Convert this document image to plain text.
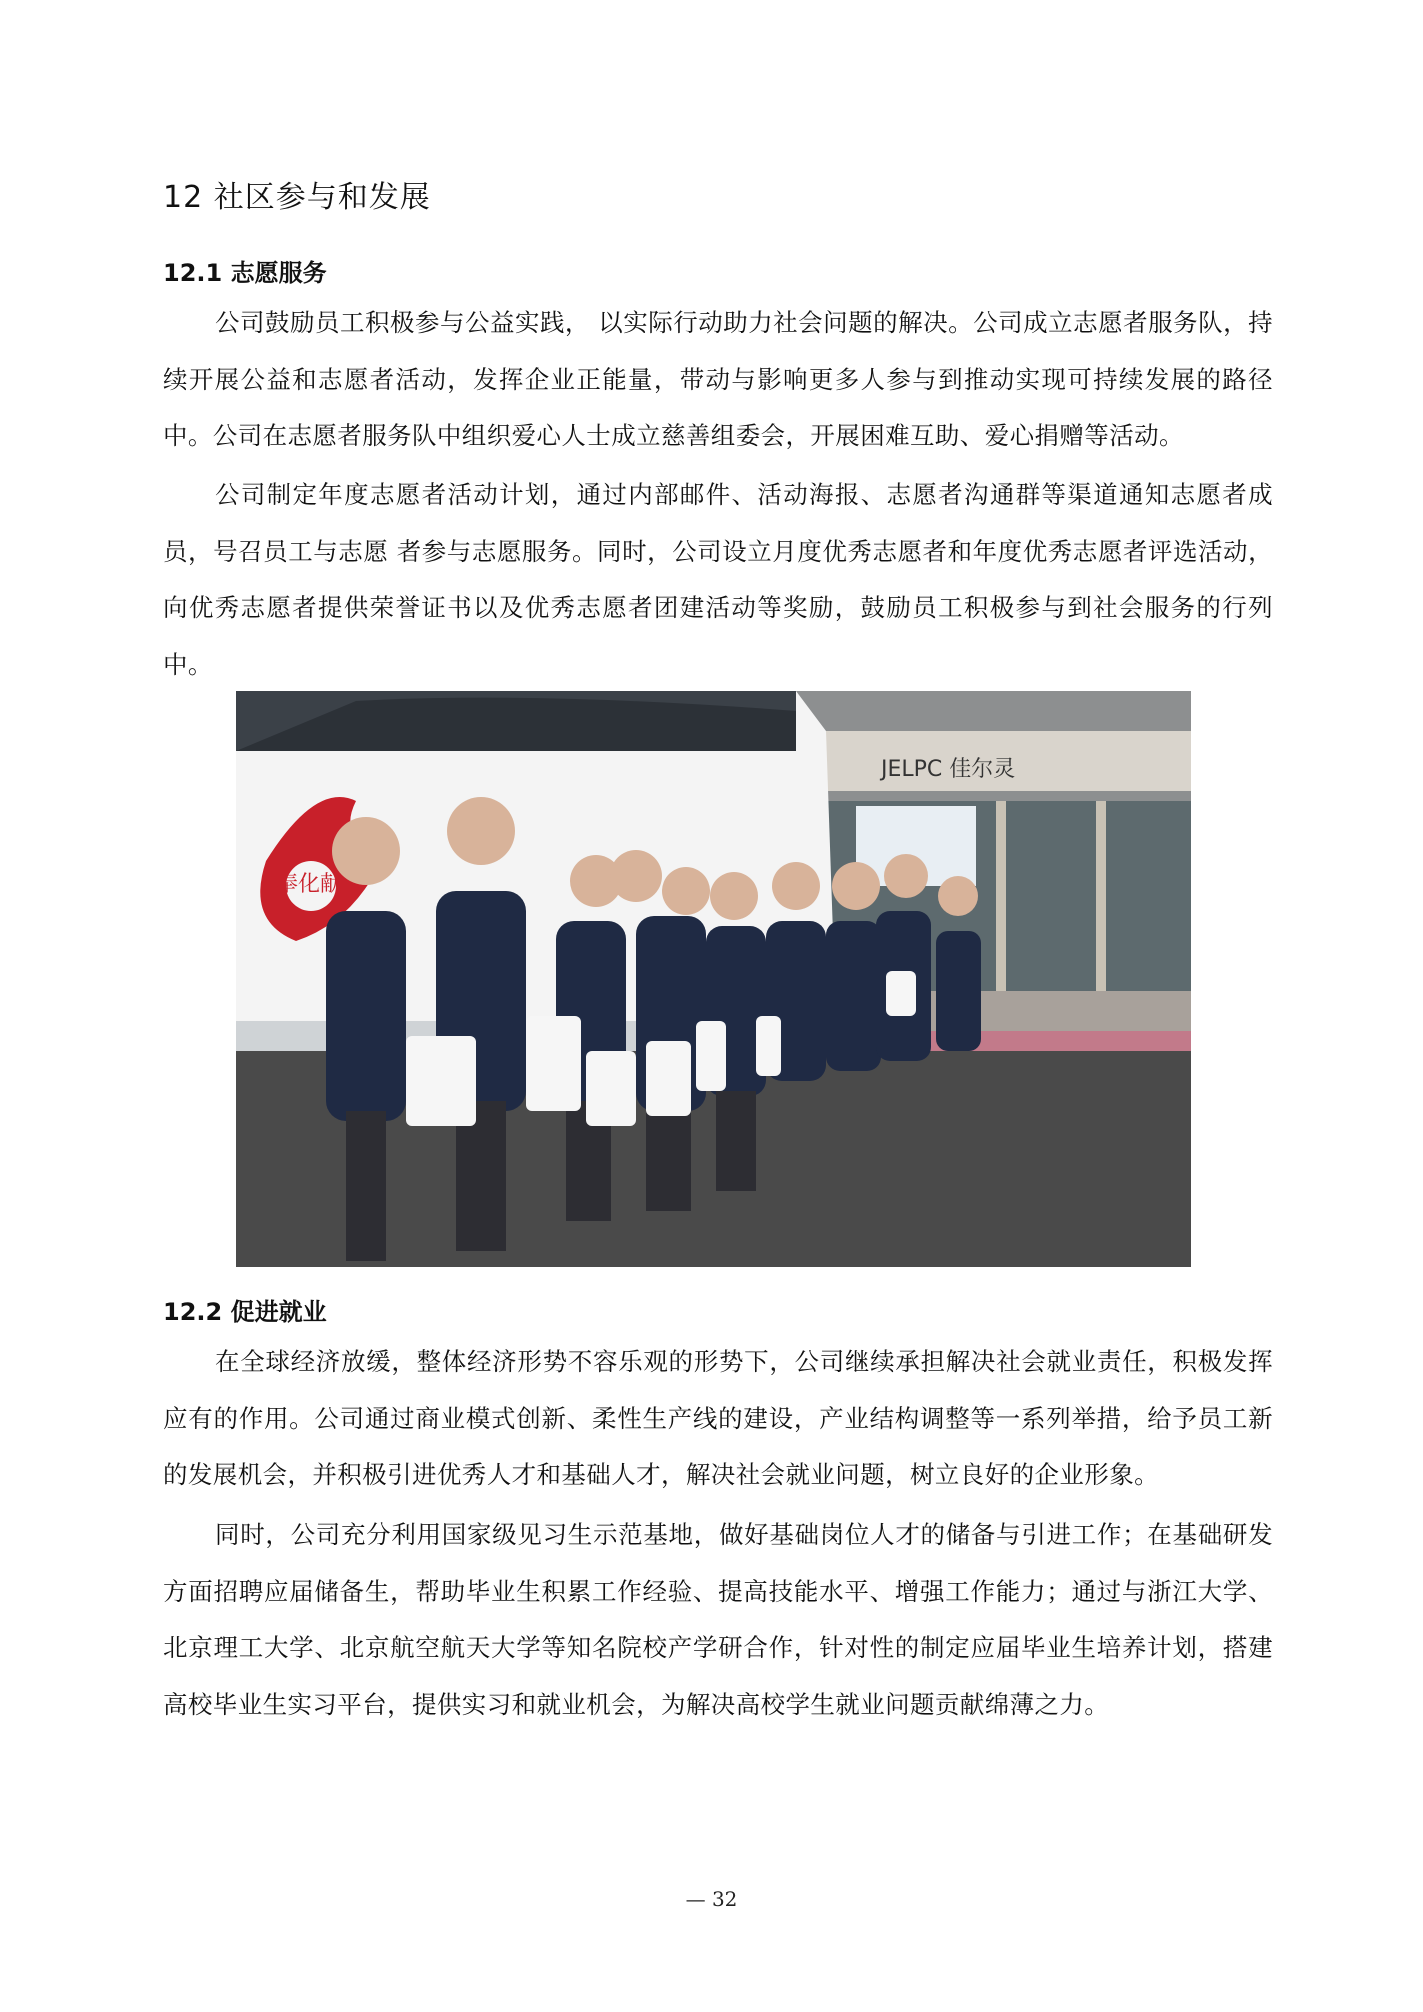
12 社区参与和发展
12.1 志愿服务

公司鼓励员工积极参与公益实践， 以实际行动助力社会问题的解决。公司成立志愿者服务队，持续开展公益和志愿者活动，发挥企业正能量，带动与影响更多人参与到推动实现可持续发展的路径中。公司在志愿者服务队中组织爱心人士成立慈善组委会，开展困难互助、爱心捐赠等活动。

公司制定年度志愿者活动计划，通过内部邮件、活动海报、志愿者沟通群等渠道通知志愿者成员，号召员工与志愿 者参与志愿服务。同时，公司设立月度优秀志愿者和年度优秀志愿者评选活动，向优秀志愿者提供荣誉证书以及优秀志愿者团建活动等奖励，鼓励员工积极参与到社会服务的行列中。

奉化献
JELPC 佳尔灵
12.2 促进就业

在全球经济放缓，整体经济形势不容乐观的形势下，公司继续承担解决社会就业责任，积极发挥应有的作用。公司通过商业模式创新、柔性生产线的建设，产业结构调整等一系列举措，给予员工新的发展机会，并积极引进优秀人才和基础人才，解决社会就业问题，树立良好的企业形象。

同时，公司充分利用国家级见习生示范基地，做好基础岗位人才的储备与引进工作；在基础研发方面招聘应届储备生，帮助毕业生积累工作经验、提高技能水平、增强工作能力；通过与浙江大学、北京理工大学、北京航空航天大学等知名院校产学研合作，针对性的制定应届毕业生培养计划，搭建高校毕业生实习平台，提供实习和就业机会，为解决高校学生就业问题贡献绵薄之力。

— 32
